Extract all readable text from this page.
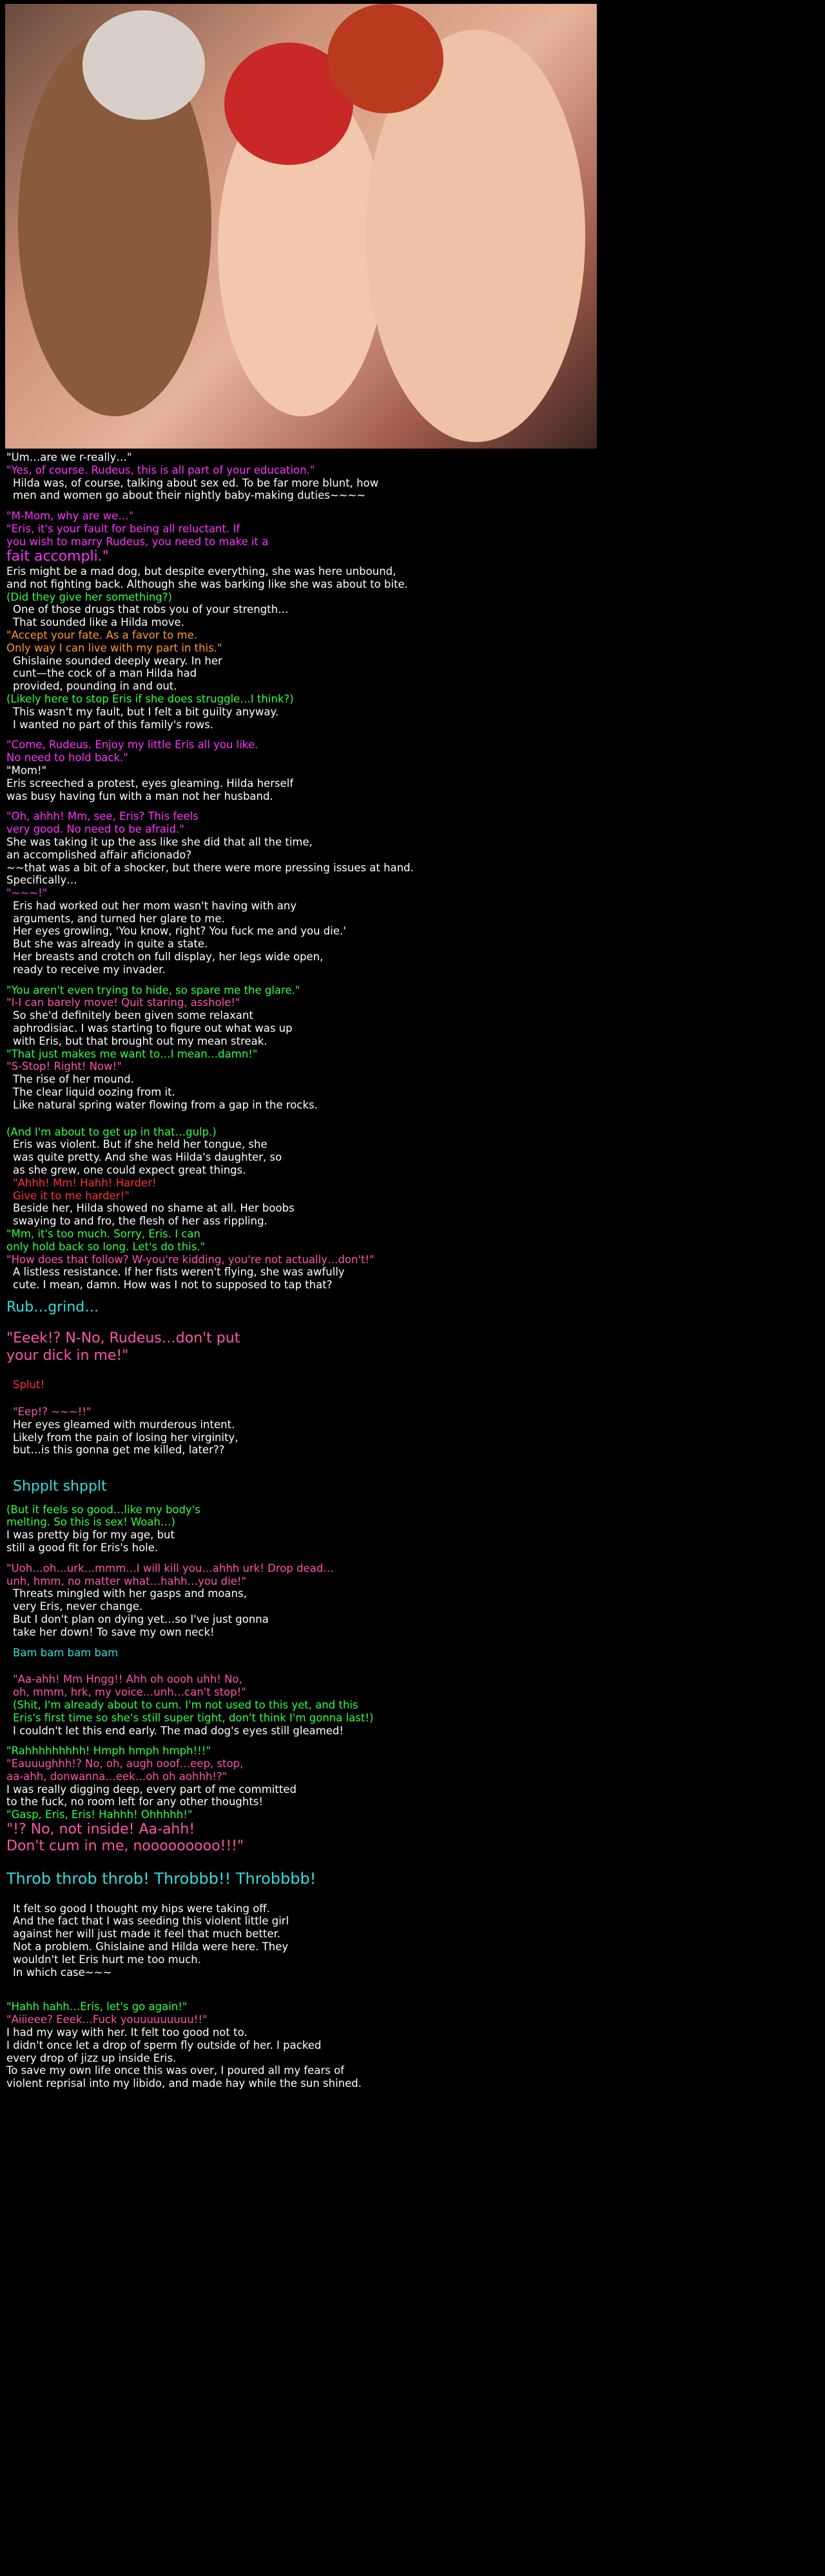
"Um…are we r-really…"
"Yes, of course. Rudeus, this is all part of your education."
Hilda was, of course, talking about sex ed. To be far more blunt, how
men and women go about their nightly baby-making duties~~~~
"M-Mom, why are we…"
"Eris, it's your fault for being all reluctant. If
you wish to marry Rudeus, you need to make it a
fait accompli."
Eris might be a mad dog, but despite everything, she was here unbound,
and not fighting back. Although she was barking like she was about to bite.
(Did they give her something?)
One of those drugs that robs you of your strength…
That sounded like a Hilda move.
"Accept your fate. As a favor to me.
Only way I can live with my part in this."
Ghislaine sounded deeply weary. In her
cunt—the cock of a man Hilda had
provided, pounding in and out.
(Likely here to stop Eris if she does struggle…I think?)
This wasn't my fault, but I felt a bit guilty anyway.
I wanted no part of this family's rows.
"Come, Rudeus. Enjoy my little Eris all you like.
No need to hold back."
"Mom!"
Eris screeched a protest, eyes gleaming. Hilda herself
was busy having fun with a man not her husband.
"Oh, ahhh! Mm, see, Eris? This feels
very good. No need to be afraid."
She was taking it up the ass like she did that all the time,
an accomplished affair aficionado?
~~that was a bit of a shocker, but there were more pressing issues at hand.
Specifically…
"~~~!"
Eris had worked out her mom wasn't having with any
arguments, and turned her glare to me.
Her eyes growling, 'You know, right? You fuck me and you die.'
But she was already in quite a state.
Her breasts and crotch on full display, her legs wide open,
ready to receive my invader.
"You aren't even trying to hide, so spare me the glare."
"I-I can barely move! Quit staring, asshole!"
So she'd definitely been given some relaxant
aphrodisiac. I was starting to figure out what was up
with Eris, but that brought out my mean streak.
"That just makes me want to…I mean…damn!"
"S-Stop! Right! Now!"
The rise of her mound.
The clear liquid oozing from it.
Like natural spring water flowing from a gap in the rocks.
(And I'm about to get up in that…gulp.)
Eris was violent. But if she held her tongue, she
was quite pretty. And she was Hilda's daughter, so
as she grew, one could expect great things.
"Ahhh! Mm! Hahh! Harder!
Give it to me harder!"
Beside her, Hilda showed no shame at all. Her boobs
swaying to and fro, the flesh of her ass rippling.
"Mm, it's too much. Sorry, Eris. I can
only hold back so long. Let's do this."
"How does that follow? W-you're kidding, you're not actually…don't!"
A listless resistance. If her fists weren't flying, she was awfully
cute. I mean, damn. How was I not to supposed to tap that?
Rub…grind…
"Eeek!? N-No, Rudeus…don't put
your dick in me!"
Splut!
"Eep!? ~~~!!"
Her eyes gleamed with murderous intent.
Likely from the pain of losing her virginity,
but…is this gonna get me killed, later??
Shpplt shpplt
(But it feels so good…like my body's
melting. So this is sex! Woah…)
I was pretty big for my age, but
still a good fit for Eris's hole.
"Uoh…oh…urk…mmm…I will kill you…ahhh urk! Drop dead…
unh, hmm, no matter what…hahh…you die!"
Threats mingled with her gasps and moans,
very Eris, never change.
But I don't plan on dying yet…so I've just gonna
take her down! To save my own neck!
Bam bam bam bam
"Aa-ahh! Mm Hngg!! Ahh oh oooh uhh! No,
oh, mmm, hrk, my voice…unh…can't stop!"
(Shit, I'm already about to cum. I'm not used to this yet, and this
Eris's first time so she's still super tight, don't think I'm gonna last!)
I couldn't let this end early. The mad dog's eyes still gleamed!
"Rahhhhhhhhh! Hmph hmph hmph!!!"
"Eauuughhh!? No, oh, augh ooof…eep, stop,
aa-ahh, donwanna…eek…oh oh aohhh!?"
I was really digging deep, every part of me committed
to the fuck, no room left for any other thoughts!
"Gasp, Eris, Eris! Hahhh! Ohhhhh!"
"!? No, not inside! Aa-ahh!
Don't cum in me, nooooooooo!!!"
Throb throb throb! Throbbb!! Throbbbb!
It felt so good I thought my hips were taking off.
And the fact that I was seeding this violent little girl
against her will just made it feel that much better.
Not a problem. Ghislaine and Hilda were here. They
wouldn't let Eris hurt me too much.
In which case~~~
"Hahh hahh…Eris, let's go again!"
"Aiiieee? Eeek…Fuck youuuuuuuuu!!"
I had my way with her. It felt too good not to.
I didn't once let a drop of sperm fly outside of her. I packed
every drop of jizz up inside Eris.
To save my own life once this was over, I poured all my fears of
violent reprisal into my libido, and made hay while the sun shined.
